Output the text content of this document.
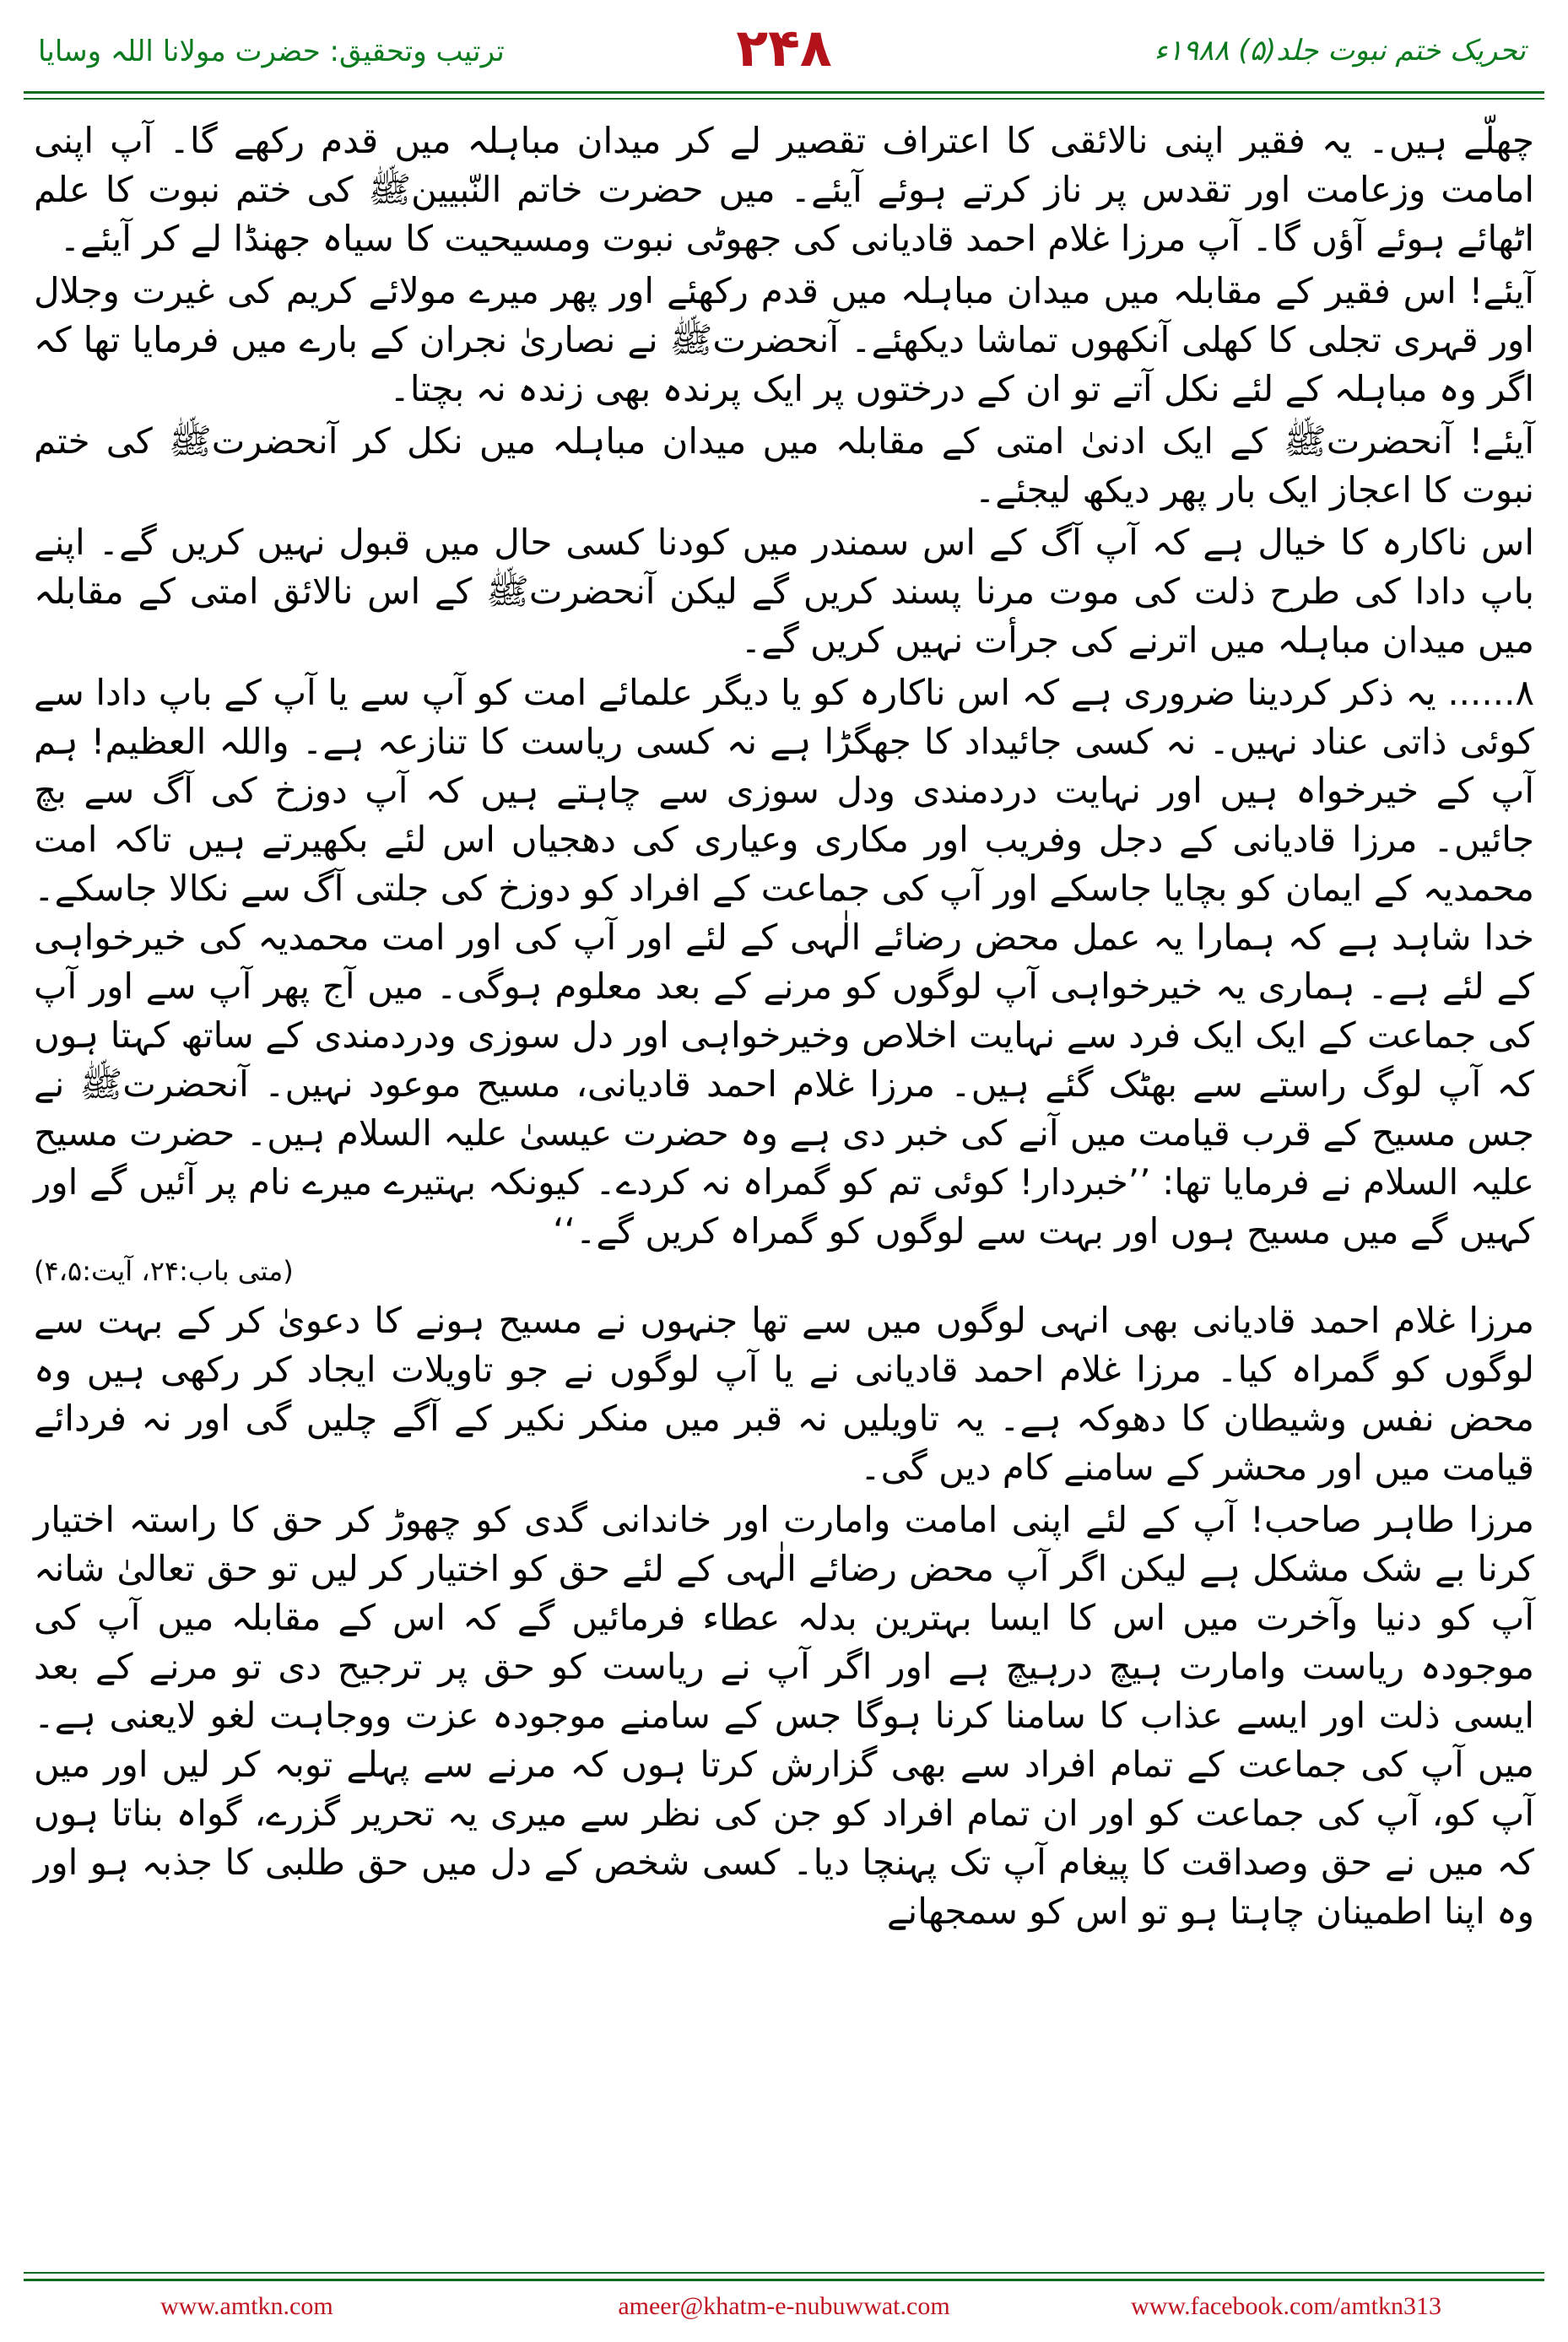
تحریک ختم نبوت جلد(۵) ۱۹۸۸ء
۲۴۸
ترتیب وتحقیق: حضرت مولانا اللہ وسایا

چھلّے ہیں۔ یہ فقیر اپنی نالائقی کا اعتراف تقصیر لے کر میدان مباہلہ میں قدم رکھے گا۔ آپ اپنی امامت وزعامت اور تقدس پر ناز کرتے ہوئے آیئے۔ میں حضرت خاتم النّبیینﷺ کی ختم نبوت کا علم اٹھائے ہوئے آؤں گا۔ آپ مرزا غلام احمد قادیانی کی جھوٹی نبوت ومسیحیت کا سیاہ جھنڈا لے کر آیئے۔

آیئے! اس فقیر کے مقابلہ میں میدان مباہلہ میں قدم رکھئے اور پھر میرے مولائے کریم کی غیرت وجلال اور قہری تجلی کا کھلی آنکھوں تماشا دیکھئے۔ آنحضرتﷺ نے نصاریٰ نجران کے بارے میں فرمایا تھا کہ اگر وہ مباہلہ کے لئے نکل آتے تو ان کے درختوں پر ایک پرندہ بھی زندہ نہ بچتا۔

آیئے! آنحضرتﷺ کے ایک ادنیٰ امتی کے مقابلہ میں میدان مباہلہ میں نکل کر آنحضرتﷺ کی ختم نبوت کا اعجاز ایک بار پھر دیکھ لیجئے۔

اس ناکارہ کا خیال ہے کہ آپ آگ کے اس سمندر میں کودنا کسی حال میں قبول نہیں کریں گے۔ اپنے باپ دادا کی طرح ذلت کی موت مرنا پسند کریں گے لیکن آنحضرتﷺ کے اس نالائق امتی کے مقابلہ میں میدان مباہلہ میں اترنے کی جرأت نہیں کریں گے۔

۸...... یہ ذکر کردینا ضروری ہے کہ اس ناکارہ کو یا دیگر علمائے امت کو آپ سے یا آپ کے باپ دادا سے کوئی ذاتی عناد نہیں۔ نہ کسی جائیداد کا جھگڑا ہے نہ کسی ریاست کا تنازعہ ہے۔ واللہ العظیم! ہم آپ کے خیرخواہ ہیں اور نہایت دردمندی ودل سوزی سے چاہتے ہیں کہ آپ دوزخ کی آگ سے بچ جائیں۔ مرزا قادیانی کے دجل وفریب اور مکاری وعیاری کی دھجیاں اس لئے بکھیرتے ہیں تاکہ امت محمدیہ کے ایمان کو بچایا جاسکے اور آپ کی جماعت کے افراد کو دوزخ کی جلتی آگ سے نکالا جاسکے۔ خدا شاہد ہے کہ ہمارا یہ عمل محض رضائے الٰہی کے لئے اور آپ کی اور امت محمدیہ کی خیرخواہی کے لئے ہے۔ ہماری یہ خیرخواہی آپ لوگوں کو مرنے کے بعد معلوم ہوگی۔ میں آج پھر آپ سے اور آپ کی جماعت کے ایک ایک فرد سے نہایت اخلاص وخیرخواہی اور دل سوزی ودردمندی کے ساتھ کہتا ہوں کہ آپ لوگ راستے سے بھٹک گئے ہیں۔ مرزا غلام احمد قادیانی، مسیح موعود نہیں۔ آنحضرتﷺ نے جس مسیح کے قرب قیامت میں آنے کی خبر دی ہے وہ حضرت عیسیٰ علیہ السلام ہیں۔ حضرت مسیح علیہ السلام نے فرمایا تھا: ’’خبردار! کوئی تم کو گمراہ نہ کردے۔ کیونکہ بہتیرے میرے نام پر آئیں گے اور کہیں گے میں مسیح ہوں اور بہت سے لوگوں کو گمراہ کریں گے۔‘‘

(متی باب:۲۴، آیت:۴،۵)

مرزا غلام احمد قادیانی بھی انہی لوگوں میں سے تھا جنہوں نے مسیح ہونے کا دعویٰ کر کے بہت سے لوگوں کو گمراہ کیا۔ مرزا غلام احمد قادیانی نے یا آپ لوگوں نے جو تاویلات ایجاد کر رکھی ہیں وہ محض نفس وشیطان کا دھوکہ ہے۔ یہ تاویلیں نہ قبر میں منکر نکیر کے آگے چلیں گی اور نہ فردائے قیامت میں اور محشر کے سامنے کام دیں گی۔

مرزا طاہر صاحب! آپ کے لئے اپنی امامت وامارت اور خاندانی گدی کو چھوڑ کر حق کا راستہ اختیار کرنا بے شک مشکل ہے لیکن اگر آپ محض رضائے الٰہی کے لئے حق کو اختیار کر لیں تو حق تعالیٰ شانہ آپ کو دنیا وآخرت میں اس کا ایسا بہترین بدلہ عطاء فرمائیں گے کہ اس کے مقابلہ میں آپ کی موجودہ ریاست وامارت ہیچ درہیچ ہے اور اگر آپ نے ریاست کو حق پر ترجیح دی تو مرنے کے بعد ایسی ذلت اور ایسے عذاب کا سامنا کرنا ہوگا جس کے سامنے موجودہ عزت ووجاہت لغو لایعنی ہے۔ میں آپ کی جماعت کے تمام افراد سے بھی گزارش کرتا ہوں کہ مرنے سے پہلے توبہ کر لیں اور میں آپ کو، آپ کی جماعت کو اور ان تمام افراد کو جن کی نظر سے میری یہ تحریر گزرے، گواہ بناتا ہوں کہ میں نے حق وصداقت کا پیغام آپ تک پہنچا دیا۔ کسی شخص کے دل میں حق طلبی کا جذبہ ہو اور وہ اپنا اطمینان چاہتا ہو تو اس کو سمجھانے

www.amtkn.com	ameer@khatm-e-nubuwwat.com	www.facebook.com/amtkn313
